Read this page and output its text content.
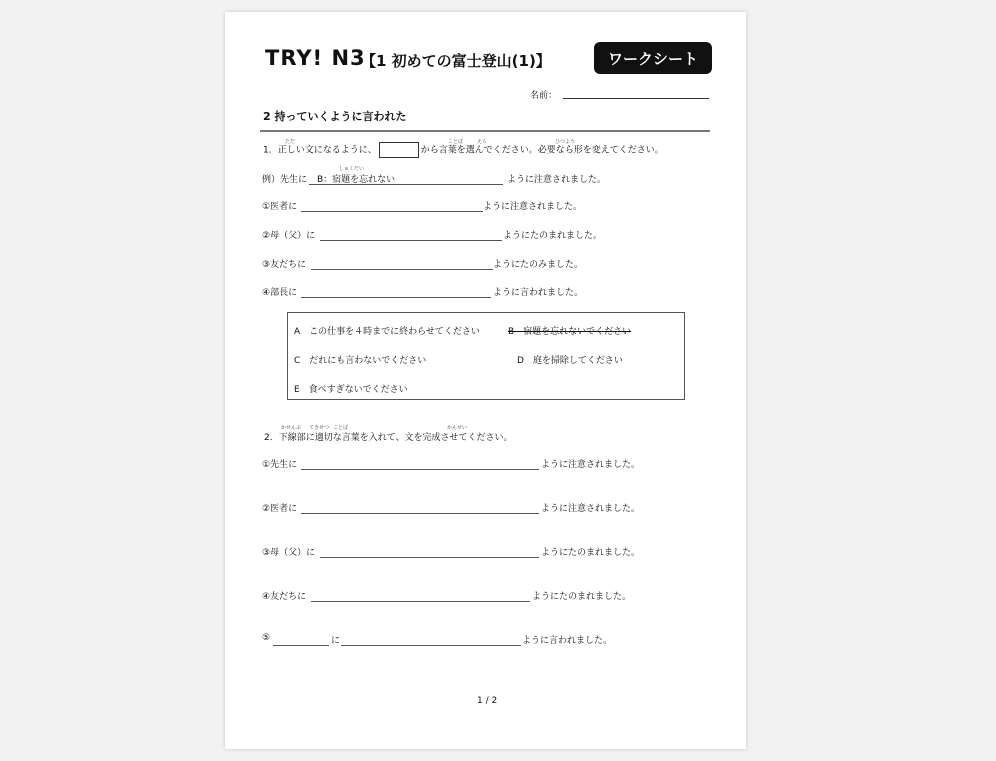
TRY! N3
【1 初めての富士登山(1)】	ワークシート
名前：
2 持っていくように言われた
ただ	ことば	えら	ひつよう
1．正しい文になるように、	から言葉を選んでください。必要なら形を変えてください。
しゅくだい
例）先生に B：宿題を忘れない	ように注意されました。
①医者に	ように注意されました。
②母（父）に	ようにたのまれました。
③友だちに	ようにたのみました。
④部長に	ように言われました。
A　この仕事を４時までに終わらせてください	B　宿題を忘れないでください
C　だれにも言わないでください	D　庭を掃除してください
E　食べすぎないでください
かせんぶ てきせつ ことば	かんせい
2．下線部に適切な言葉を入れて、文を完成させてください。
①先生に	ように注意されました。
②医者に	ように注意されました。
③母（父）に	ようにたのまれました。
④友だちに	ようにたのまれました。
⑤	に	ように言われました。
1 / 2
